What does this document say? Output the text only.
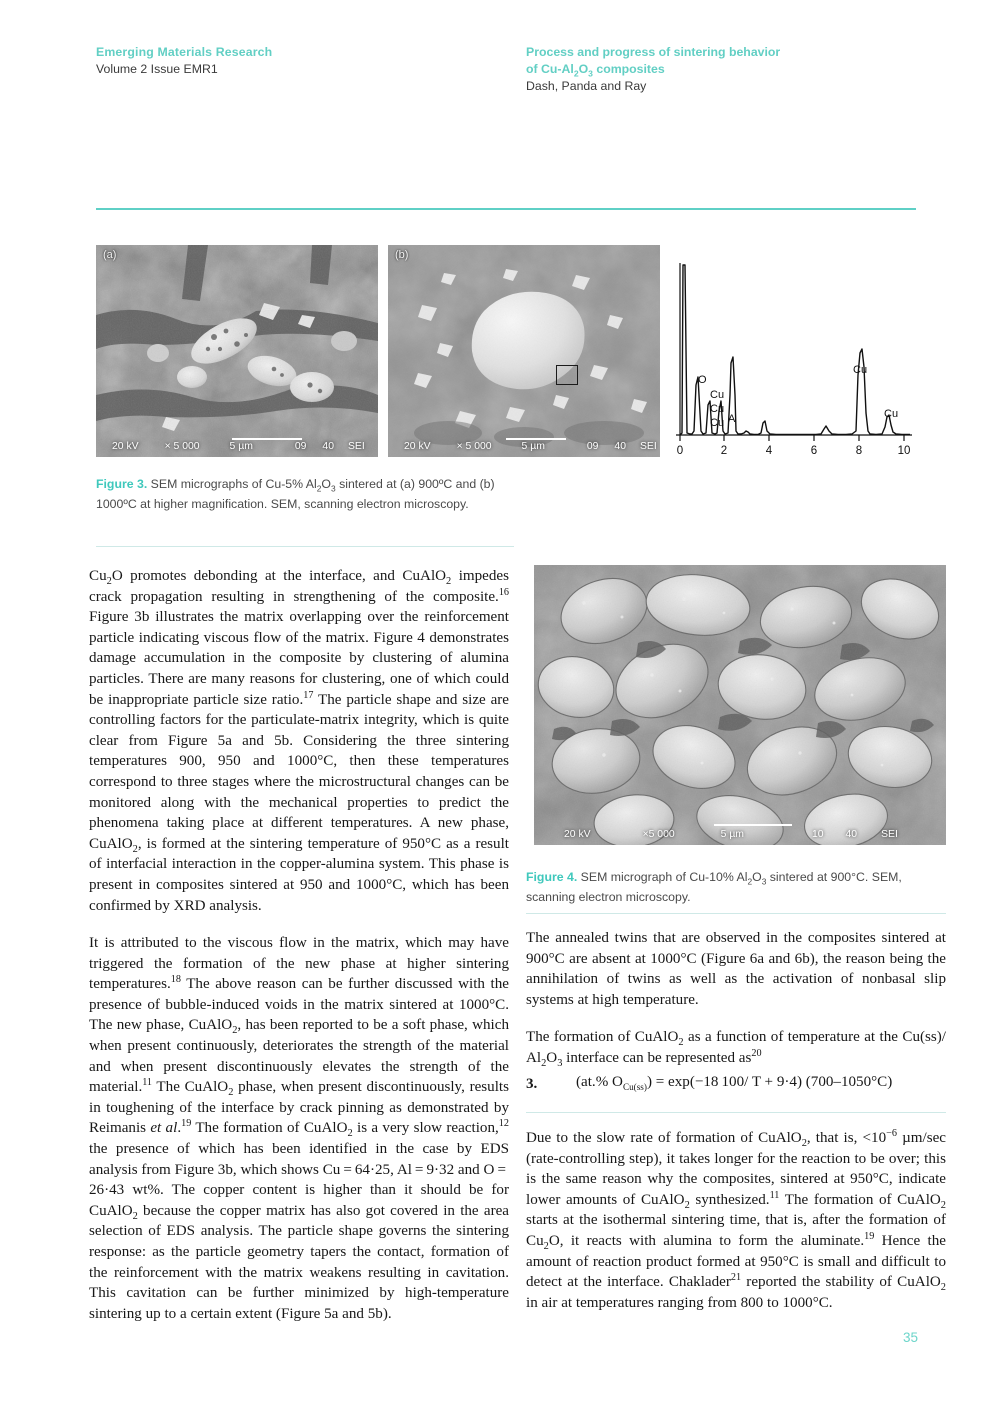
Emerging Materials Research
Volume 2 Issue EMR1
Process and progress of sintering behavior
of $Cu-Al_2O_3$ composites
Dash, Panda and Ray
(a)
20 kV	× 5 000	5 µm	09 40 SEI
(b)
20 kV	× 5 000	5 µm	09 40 SEI
O
Cu
Cu
Cu A
Cu
Cu
0	2	4	6	8	10
Figure 3. SEM micrographs of Cu-5% $Al_2O_3$ sintered at (a) 900ºC and (b) 1000ºC at higher magnification. SEM, scanning electron microscopy.

$Cu_2O$ promotes debonding at the interface, and CuAlO$_2$ impedes crack propagation resulting in strengthening of the composite.$^{16}$ Figure 3b illustrates the matrix overlapping over the reinforcement particle indicating viscous flow of the matrix. Figure 4 demonstrates damage accumulation in the composite by clustering of alumina particles. There are many reasons for clustering, one of which could be inappropriate particle size ratio.$^{17}$ The particle shape and size are controlling factors for the particulate-matrix integrity, which is quite clear from Figure 5a and 5b. Considering the three sintering temperatures 900, 950 and 1000°C, then these temperatures correspond to three stages where the microstructural changes can be monitored along with the mechanical properties to predict the phenomena taking place at different temperatures. A new phase, CuAlO$_2$, is formed at the sintering temperature of 950°C as a result of interfacial interaction in the copper-alumina system. This phase is present in composites sintered at 950 and 1000°C, which has been confirmed by XRD analysis.

It is attributed to the viscous flow in the matrix, which may have triggered the formation of the new phase at higher sintering temperatures.$^{18}$ The above reason can be further discussed with the presence of bubble-induced voids in the matrix sintered at 1000°C. The new phase, CuAlO$_2$, has been reported to be a soft phase, which when present continuously, deteriorates the strength of the material and when present discontinuously elevates the strength of the material.$^{11}$ The CuAlO$_2$ phase, when present discontinuously, results in toughening of the interface by crack pinning as demonstrated by Reimanis et al.$^{19}$ The formation of CuAlO$_2$ is a very slow reaction,$^{12}$ the presence of which has been identified in the case by EDS analysis from Figure 3b, which shows Cu = 64·25, Al = 9·32 and O = 26·43 wt%. The copper content is higher than it should be for CuAlO$_2$ because the copper matrix has also got covered in the area selection of EDS analysis. The particle shape governs the sintering response: as the particle geometry tapers the contact, formation of the reinforcement with the matrix weakens resulting in cavitation. This cavitation can be further minimized by high-temperature sintering up to a certain extent (Figure 5a and 5b).

20 kV	×5 000	5 µm	10 40 SEI
Figure 4. SEM micrograph of Cu-10% $Al_2O_3$ sintered at 900°C. SEM, scanning electron microscopy.

The annealed twins that are observed in the composites sintered at 900°C are absent at 1000°C (Figure 6a and 6b), the reason being the annihilation of twins as well as the activation of nonbasal slip systems at high temperature.

The formation of CuAlO$_2$ as a function of temperature at the Cu(ss)/ $Al_2O_3$ interface can be represented $as^{20}$

3.	(at.% $O_{Cu(ss)}) = \exp(-18$ 100/ T + 9·4) (700–1050°C)

Due to the slow rate of formation of CuAlO$_2$, that is, $<10^{-6}$ µm/sec (rate-controlling step), it takes longer for the reaction to be over; this is the same reason why the composites, sintered at 950°C, indicate lower amounts of CuAlO$_2$ synthesized.$^{11}$ The formation of CuAlO$_2$ starts at the isothermal sintering time, that is, after the formation of $Cu_2O$, it reacts with alumina to form the aluminate.$^{19}$ Hence the amount of reaction product formed at 950°C is small and difficult to detect at the interface. Chaklader$^{21}$ reported the stability of CuAlO$_2$ in air at temperatures ranging from 800 to 1000°C.

35
